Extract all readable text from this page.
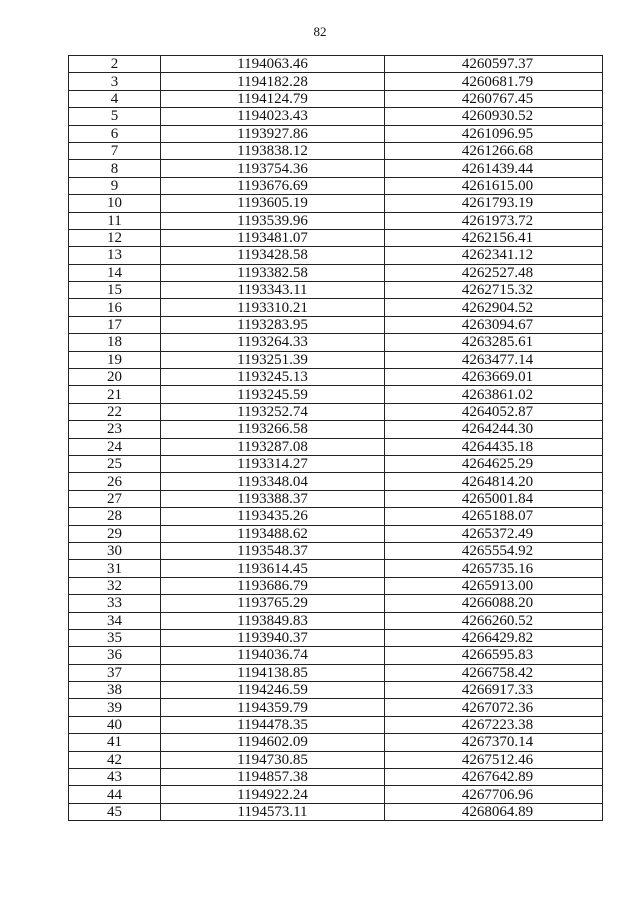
82
2	1194063.46	4260597.37
3	1194182.28	4260681.79
4	1194124.79	4260767.45
5	1194023.43	4260930.52
6	1193927.86	4261096.95
7	1193838.12	4261266.68
8	1193754.36	4261439.44
9	1193676.69	4261615.00
10	1193605.19	4261793.19
11	1193539.96	4261973.72
12	1193481.07	4262156.41
13	1193428.58	4262341.12
14	1193382.58	4262527.48
15	1193343.11	4262715.32
16	1193310.21	4262904.52
17	1193283.95	4263094.67
18	1193264.33	4263285.61
19	1193251.39	4263477.14
20	1193245.13	4263669.01
21	1193245.59	4263861.02
22	1193252.74	4264052.87
23	1193266.58	4264244.30
24	1193287.08	4264435.18
25	1193314.27	4264625.29
26	1193348.04	4264814.20
27	1193388.37	4265001.84
28	1193435.26	4265188.07
29	1193488.62	4265372.49
30	1193548.37	4265554.92
31	1193614.45	4265735.16
32	1193686.79	4265913.00
33	1193765.29	4266088.20
34	1193849.83	4266260.52
35	1193940.37	4266429.82
36	1194036.74	4266595.83
37	1194138.85	4266758.42
38	1194246.59	4266917.33
39	1194359.79	4267072.36
40	1194478.35	4267223.38
41	1194602.09	4267370.14
42	1194730.85	4267512.46
43	1194857.38	4267642.89
44	1194922.24	4267706.96
45	1194573.11	4268064.89
